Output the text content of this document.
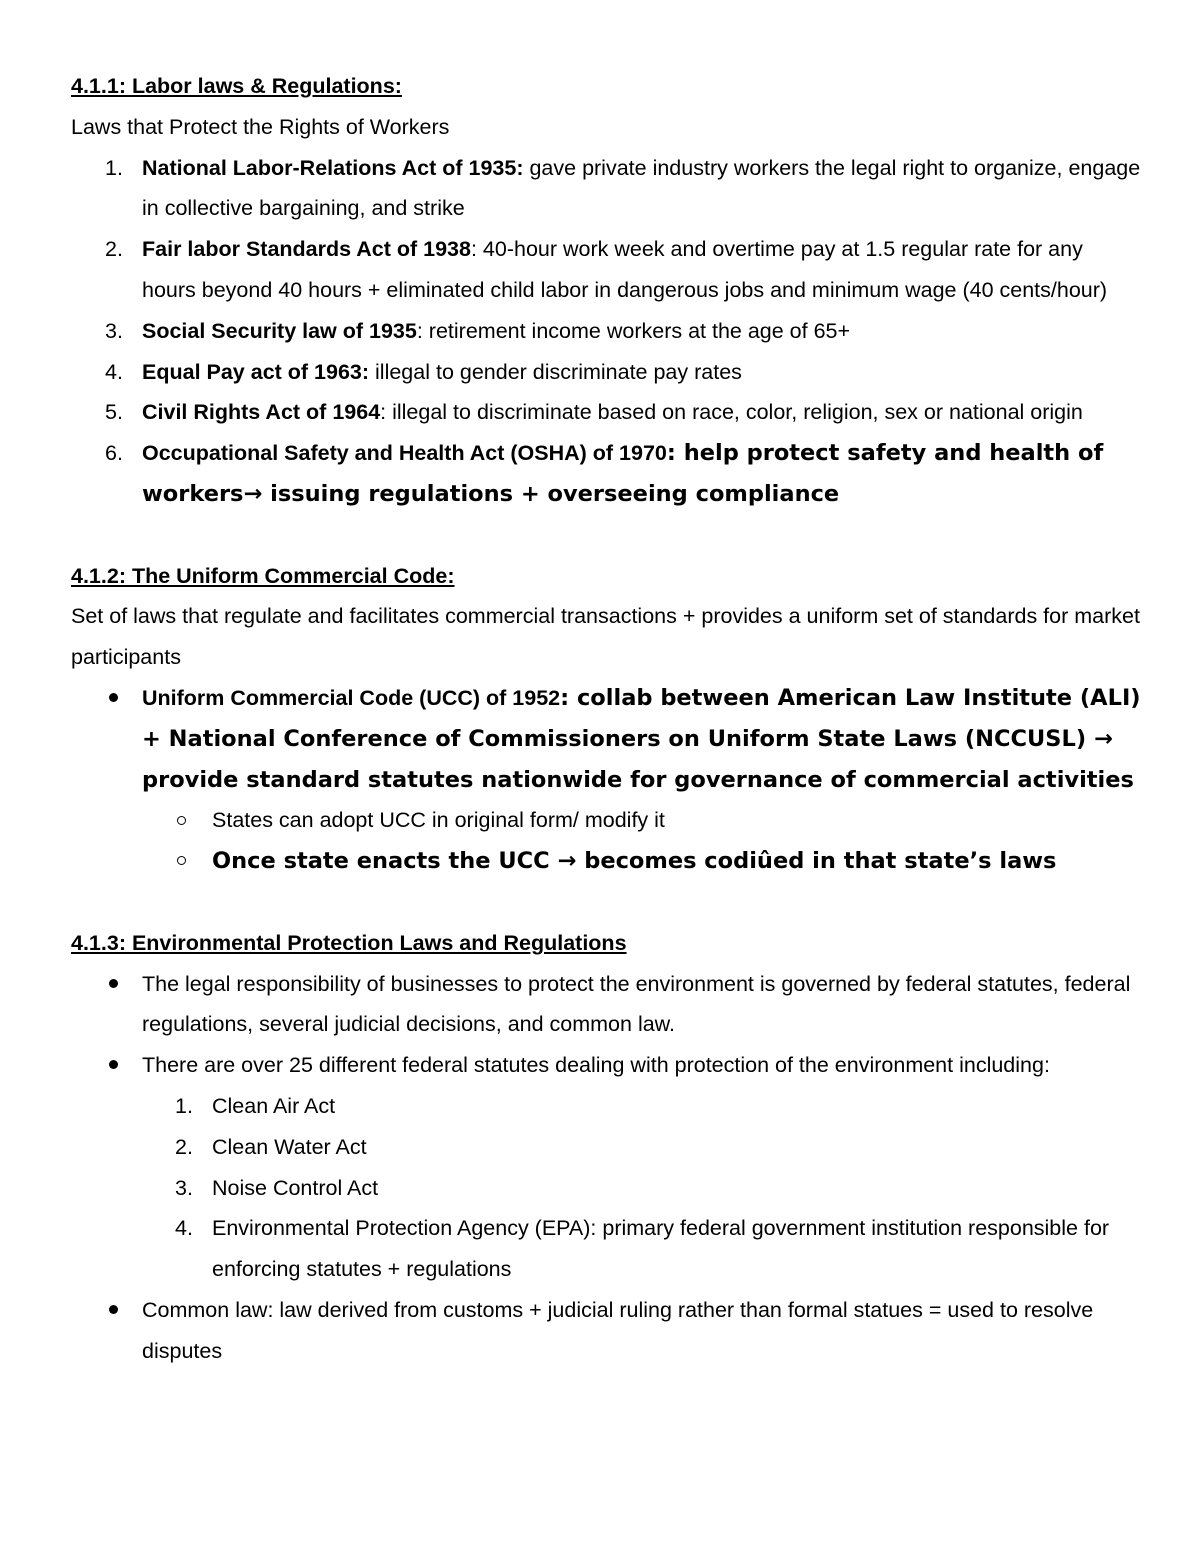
4.1.1: Labor laws & Regulations:

Laws that Protect the Rights of Workers

1. National Labor-Relations Act of 1935: gave private industry workers the legal right to organize, engage in collective bargaining, and strike
2. Fair labor Standards Act of 1938: 40-hour work week and overtime pay at 1.5 regular rate for any hours beyond 40 hours + eliminated child labor in dangerous jobs and minimum wage (40 cents/hour)
3. Social Security law of 1935: retirement income workers at the age of 65+
4. Equal Pay act of 1963: illegal to gender discriminate pay rates
5. Civil Rights Act of 1964: illegal to discriminate based on race, color, religion, sex or national origin
6. Occupational Safety and Health Act (OSHA) of 1970: help protect safety and health of workers→ issuing regulations + overseeing compliance

4.1.2: The Uniform Commercial Code:

Set of laws that regulate and facilitates commercial transactions + provides a uniform set of standards for market participants

Uniform Commercial Code (UCC) of 1952: collab between American Law Institute (ALI) + National Conference of Commissioners on Uniform State Laws (NCCUSL) → provide standard statutes nationwide for governance of commercial activities
States can adopt UCC in original form/ modify it
Once state enacts the UCC → becomes codiûed in that state’s laws

4.1.3: Environmental Protection Laws and Regulations

The legal responsibility of businesses to protect the environment is governed by federal statutes, federal regulations, several judicial decisions, and common law.
There are over 25 different federal statutes dealing with protection of the environment including:
1. Clean Air Act
2. Clean Water Act
3. Noise Control Act
4. Environmental Protection Agency (EPA): primary federal government institution responsible for enforcing statutes + regulations
Common law: law derived from customs + judicial ruling rather than formal statues = used to resolve disputes
